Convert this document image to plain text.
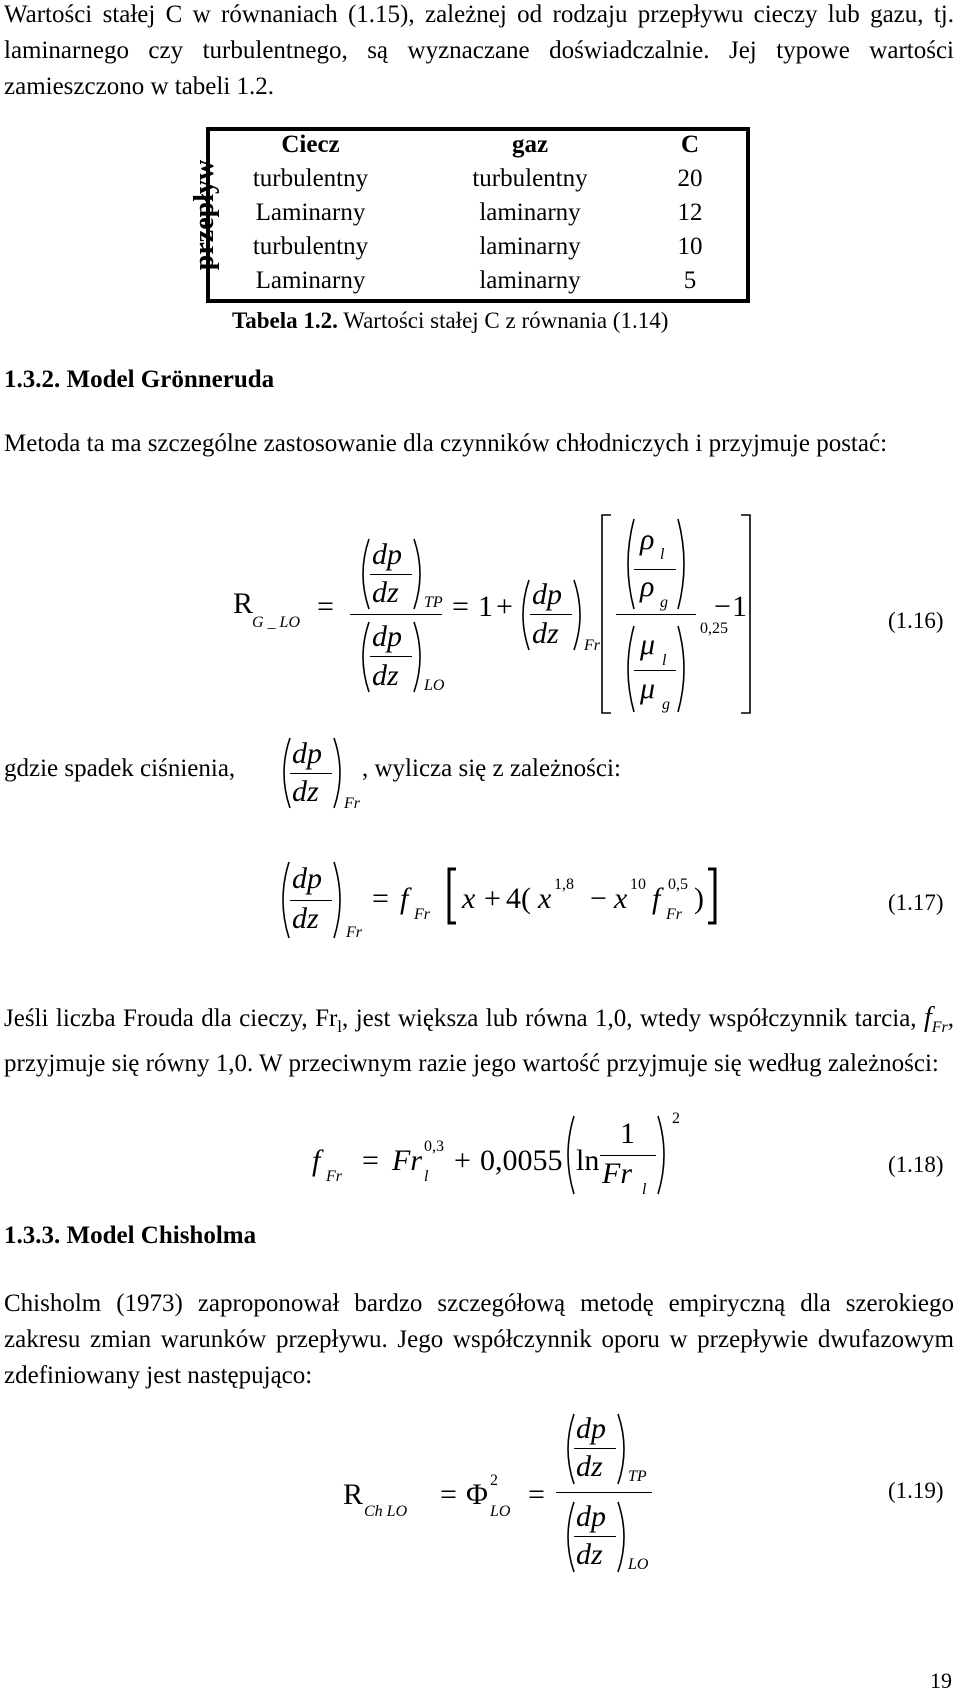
Wartości stałej C w równaniach (1.15), zależnej od rodzaju przepływu cieczy lub gazu, tj. laminarnego czy turbulentnego, są wyznaczane doświadczalnie. Jej typowe wartości zamieszczono w tabeli 1.2.

przepływ
Ciecz	gaz	C
turbulentny	turbulentny	20
Laminarny	laminarny	12
turbulentny	laminarny	10
Laminarny	laminarny	5
Tabela 1.2. Wartości stałej C z równania (1.14)
1.3.2. Model Grönneruda

Metoda ta ma szczególne zastosowanie dla czynników chłodniczych i przyjmuje postać:

R
G _ LO =
dp
dz TP
dp
dz LO
= 1 + dp
dz Fr
ρ l
ρ g
0,25
μ l
μ g
− 1	(1.16)
gdzie spadek ciśnienia, dp
dz Fr
, wylicza się z zależności:
dp
dz Fr
= f Fr x + 4( x 1,8 − x 10 f 0,5
Fr )	(1.17)

Jeśli liczba Frouda dla cieczy, $Fr_l$, jest większa lub równa 1,0, wtedy współczynnik tarcia, $f_{Fr}$, przyjmuje się równy 1,0. W przeciwnym razie jego wartość przyjmuje się według zależności:

f Fr = Fr 0,3
l + 0,0055 ln
1
Fr l
2
(1.18)
1.3.3. Model Chisholma

Chisholm (1973) zaproponował bardzo szczegółową metodę empiryczną dla szerokiego zakresu zmian warunków przepływu. Jego współczynnik oporu w przepływie dwufazowym zdefiniowany jest następująco:

R
Ch LO
= Φ 2
LO
=
dp
dz TP
dp
dz LO
(1.19)
19
